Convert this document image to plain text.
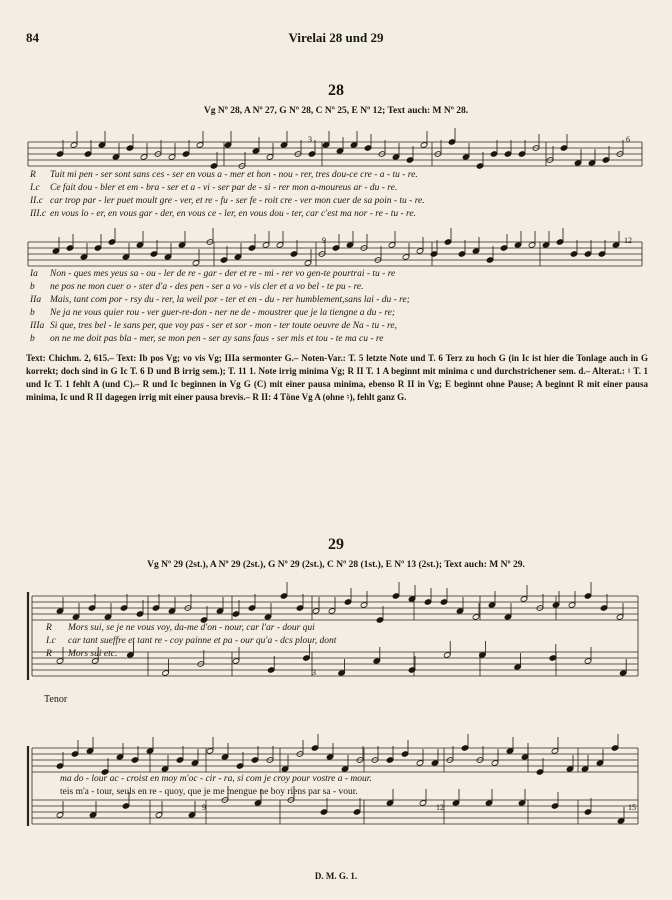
84	Virelai 28 und 29
28
Vg Nº 28, A Nº 27, G Nº 28, C Nº 25, E Nº 12; Text auch: M Nº 28.
3	6
R Tuit mi pen - ser sont sans ces - ser en vous a - mer et hon - nou - rer, tres dou-ce cre - a - tu - re.
I.c Ce fait dou - bler et em - bra - ser et a - vi - ser par de - si - rer mon a-moureus ar - du - re.
II.c car trop par - ler puet moult gre - ver, et re - fu - ser fe - roit cre - ver mon cuer de sa poin - tu - re.
III.c en vous lo - er, en vous gar - der, en vous ce - ler, en vous dou - ter, car c'est ma nor - re - tu - re.
9	12
Ia Non - ques mes yeus sa - ou - ler de re - gar - der et re - mi - rer vo gen-te pourtrai - tu - re
b ne pos ne mon cuer o - ster d'a - des pen - ser a vo - vis cler et a vo bel - te pu - re.
IIa Mais, tant com por - rsy du - rer, la weil por - ter et en - du - rer humblement,sans lai - du - re;
b Ne ja ne vous quier rou - ver guer-re-don - ner ne de - moustrer que je la tiengne a du - re;
IIIa Si que, tres bel - le sans per, que voy pas - ser et sor - mon - ter toute oeuvre de Na - tu - re,
b on ne me doit pas bla - mer, se mon pen - ser ay sans faus - ser mis et tou - te ma cu - re

Text: Chichm. 2, 615.– Text: Ib pos Vg; vo vis Vg; IIIa sermonter G.– Noten-Var.: T. 5 letzte Note und T. 6 Terz zu hoch G (in Ic ist hier die Tonlage auch in G korrekt; doch sind in G Ic T. 6 D und B irrig sem.); T. 11 1. Note irrig minima Vg; R II T. 1 A beginnt mit minima c und durchstrichener sem. d.– Alterat.: ♮ T. 1 und Ic T. 1 fehlt A (und C).– R und Ic beginnen in Vg G (C) mit einer pausa minima, ebenso R II in Vg; E beginnt ohne Pause; A beginnt R mit einer pausa minima, Ic und R II dagegen irrig mit einer pausa brevis.– R II: 4 Töne Vg A (ohne ♮), fehlt ganz G.

29
Vg Nº 29 (2st.), A Nº 29 (2st.), G Nº 29 (2st.), C Nº 28 (1st.), E Nº 13 (2st.); Text auch: M Nº 29.
3
R Mors sui, se je ne vous voy, da-me d'on - nour, car l'ar - dour qui
I.c car tant sueffre et tant re - coy painne et pa - our qu'a - dcs plour, dont
R Mors sui etc.
Tenor
9	12	15
ma do - lour ac - croist en moy m'oc - cir - ra, si com je croy pour vostre a - mour.
teis m'a - tour, seuls en re - quoy, que je me mengue ne boy riens par sa - vour.
D. M. G. 1.
